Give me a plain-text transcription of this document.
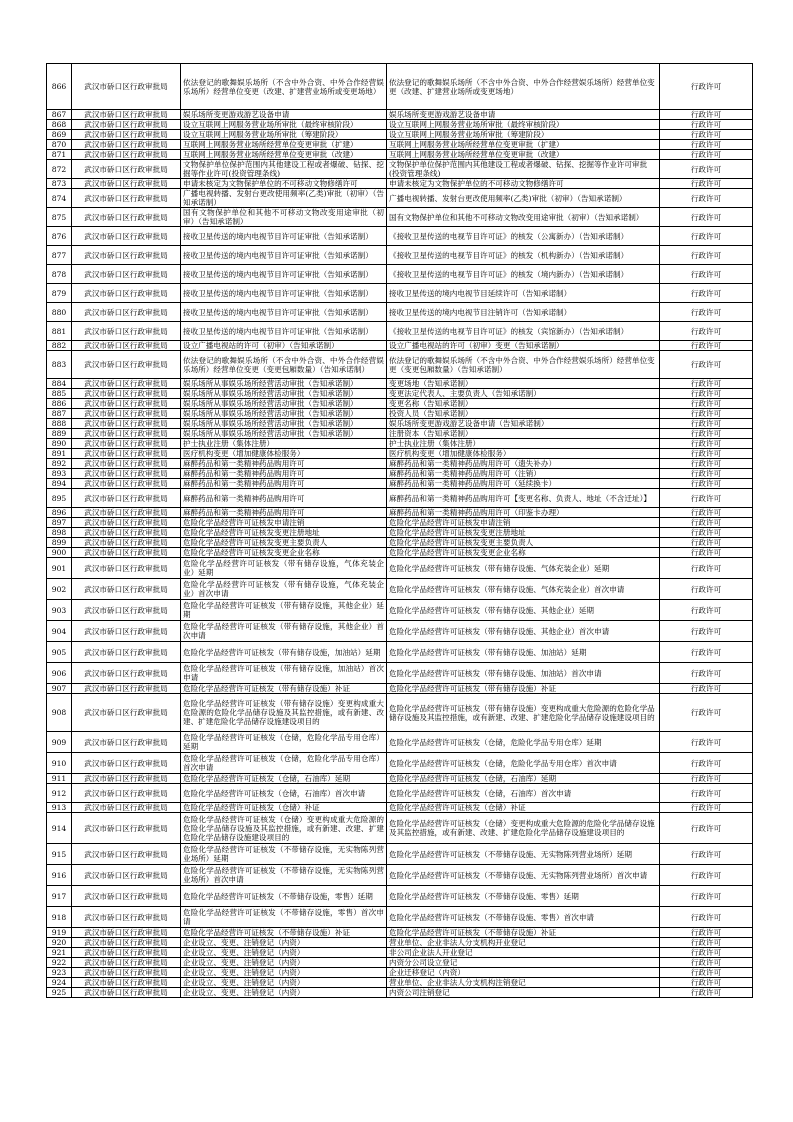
866	武汉市硚口区行政审批局	依法登记的歌舞娱乐场所（不含中外合资、中外合作经营娱乐场所）经营单位变更（改建、扩建营业场所或变更场地）	依法登记的歌舞娱乐场所（不含中外合资、中外合作经营娱乐场所）经营单位变更（改建、扩建营业场所或变更场地）	行政许可
867	武汉市硚口区行政审批局	娱乐场所变更游戏游艺设备申请	娱乐场所变更游戏游艺设备申请	行政许可
868	武汉市硚口区行政审批局	设立互联网上网服务营业场所审批（最终审核阶段）	设立互联网上网服务营业场所审批（最终审核阶段）	行政许可
869	武汉市硚口区行政审批局	设立互联网上网服务营业场所审批（筹建阶段）	设立互联网上网服务营业场所审批（筹建阶段）	行政许可
870	武汉市硚口区行政审批局	互联网上网服务营业场所经营单位变更审批（扩建）	互联网上网服务营业场所经营单位变更审批（扩建）	行政许可
871	武汉市硚口区行政审批局	互联网上网服务营业场所经营单位变更审批（改建）	互联网上网服务营业场所经营单位变更审批（改建）	行政许可
872	武汉市硚口区行政审批局	文物保护单位保护范围内其他建设工程或者爆破、钻探、挖掘等作业许可(投资管理条线)	文物保护单位保护范围内其他建设工程或者爆破、钻探、挖掘等作业许可审批(投资管理条线)	行政许可
873	武汉市硚口区行政审批局	申请未核定为文物保护单位的不可移动文物修缮许可	申请未核定为文物保护单位的不可移动文物修缮许可	行政许可
874	武汉市硚口区行政审批局	广播电视转播、发射台更改使用频率(乙类)审批（初审）（告知承诺制）	广播电视转播、发射台更改使用频率(乙类)审批（初审）（告知承诺制）	行政许可
875	武汉市硚口区行政审批局	国有文物保护单位和其他不可移动文物改变用途审批（初审）（告知承诺制）	国有文物保护单位和其他不可移动文物改变用途审批（初审）（告知承诺制）	行政许可
876	武汉市硚口区行政审批局	接收卫星传送的境内电视节目许可证审批（告知承诺制）	《接收卫星传送的电视节目许可证》的核发（公寓新办）（告知承诺制）	行政许可
877	武汉市硚口区行政审批局	接收卫星传送的境内电视节目许可证审批（告知承诺制）	《接收卫星传送的电视节目许可证》的核发（机构新办）（告知承诺制）	行政许可
878	武汉市硚口区行政审批局	接收卫星传送的境内电视节目许可证审批（告知承诺制）	《接收卫星传送的电视节目许可证》的核发（境内新办）（告知承诺制）	行政许可
879	武汉市硚口区行政审批局	接收卫星传送的境内电视节目许可证审批（告知承诺制）	接收卫星传送的境内电视节目延续许可（告知承诺制）	行政许可
880	武汉市硚口区行政审批局	接收卫星传送的境内电视节目许可证审批（告知承诺制）	接收卫星传送的境内电视节目注销许可（告知承诺制）	行政许可
881	武汉市硚口区行政审批局	接收卫星传送的境内电视节目许可证审批（告知承诺制）	《接收卫星传送的电视节目许可证》的核发（宾馆新办）（告知承诺制）	行政许可
882	武汉市硚口区行政审批局	设立广播电视站的许可（初审）（告知承诺制）	设立广播电视站的许可（初审）变更（告知承诺制）	行政许可
883	武汉市硚口区行政审批局	依法登记的歌舞娱乐场所（不含中外合资、中外合作经营娱乐场所）经营单位变更（变更包厢数量）（告知承诺制）	依法登记的歌舞娱乐场所（不含中外合资、中外合作经营娱乐场所）经营单位变更（变更包厢数量）（告知承诺制）	行政许可
884	武汉市硚口区行政审批局	娱乐场所从事娱乐场所经营活动审批（告知承诺制）	变更场地（告知承诺制）	行政许可
885	武汉市硚口区行政审批局	娱乐场所从事娱乐场所经营活动审批（告知承诺制）	变更法定代表人、主要负责人（告知承诺制）	行政许可
886	武汉市硚口区行政审批局	娱乐场所从事娱乐场所经营活动审批（告知承诺制）	变更名称（告知承诺制）	行政许可
887	武汉市硚口区行政审批局	娱乐场所从事娱乐场所经营活动审批（告知承诺制）	投资人员（告知承诺制）	行政许可
888	武汉市硚口区行政审批局	娱乐场所从事娱乐场所经营活动审批（告知承诺制）	娱乐场所变更游戏游艺设备申请（告知承诺制）	行政许可
889	武汉市硚口区行政审批局	娱乐场所从事娱乐场所经营活动审批（告知承诺制）	注册资本（告知承诺制）	行政许可
890	武汉市硚口区行政审批局	护士执业注册（集体注册）	护士执业注册（集体注册）	行政许可
891	武汉市硚口区行政审批局	医疗机构变更（增加健康体检服务）	医疗机构变更（增加健康体检服务）	行政许可
892	武汉市硚口区行政审批局	麻醉药品和第一类精神药品购用许可	麻醉药品和第一类精神药品购用许可（遗失补办）	行政许可
893	武汉市硚口区行政审批局	麻醉药品和第一类精神药品购用许可	麻醉药品和第一类精神药品购用许可（注销）	行政许可
894	武汉市硚口区行政审批局	麻醉药品和第一类精神药品购用许可	麻醉药品和第一类精神药品购用许可（延续换卡）	行政许可
895	武汉市硚口区行政审批局	麻醉药品和第一类精神药品购用许可	麻醉药品和第一类精神药品购用许可【变更名称、负责人、地址（不含迁址）】	行政许可
896	武汉市硚口区行政审批局	麻醉药品和第一类精神药品购用许可	麻醉药品和第一类精神药品购用许可（印鉴卡办理）	行政许可
897	武汉市硚口区行政审批局	危险化学品经营许可证核发申请注销	危险化学品经营许可证核发申请注销	行政许可
898	武汉市硚口区行政审批局	危险化学品经营许可证核发变更注册地址	危险化学品经营许可证核发变更注册地址	行政许可
899	武汉市硚口区行政审批局	危险化学品经营许可证核发变更主要负责人	危险化学品经营许可证核发变更主要负责人	行政许可
900	武汉市硚口区行政审批局	危险化学品经营许可证核发变更企业名称	危险化学品经营许可证核发变更企业名称	行政许可
901	武汉市硚口区行政审批局	危险化学品经营许可证核发（带有储存设施，气体充装企业）延期	危险化学品经营许可证核发（带有储存设施、气体充装企业）延期	行政许可
902	武汉市硚口区行政审批局	危险化学品经营许可证核发（带有储存设施，气体充装企业）首次申请	危险化学品经营许可证核发（带有储存设施、气体充装企业）首次申请	行政许可
903	武汉市硚口区行政审批局	危险化学品经营许可证核发（带有储存设施，其他企业）延期	危险化学品经营许可证核发（带有储存设施、其他企业）延期	行政许可
904	武汉市硚口区行政审批局	危险化学品经营许可证核发（带有储存设施，其他企业）首次申请	危险化学品经营许可证核发（带有储存设施、其他企业）首次申请	行政许可
905	武汉市硚口区行政审批局	危险化学品经营许可证核发（带有储存设施，加油站）延期	危险化学品经营许可证核发（带有储存设施、加油站）延期	行政许可
906	武汉市硚口区行政审批局	危险化学品经营许可证核发（带有储存设施，加油站）首次申请	危险化学品经营许可证核发（带有储存设施、加油站）首次申请	行政许可
907	武汉市硚口区行政审批局	危险化学品经营许可证核发（带有储存设施）补证	危险化学品经营许可证核发（带有储存设施）补证	行政许可
908	武汉市硚口区行政审批局	危险化学品经营许可证核发（带有储存设施）变更构成重大危险源的危险化学品储存设施及其监控措施，或有新建、改建、扩建危险化学品储存设施建设项目的	危险化学品经营许可证核发（带有储存设施）变更构成重大危险源的危险化学品储存设施及其监控措施，或有新建、改建、扩建危险化学品储存设施建设项目的	行政许可
909	武汉市硚口区行政审批局	危险化学品经营许可证核发（仓储，危险化学品专用仓库）延期	危险化学品经营许可证核发（仓储，危险化学品专用仓库）延期	行政许可
910	武汉市硚口区行政审批局	危险化学品经营许可证核发（仓储，危险化学品专用仓库）首次申请	危险化学品经营许可证核发（仓储，危险化学品专用仓库）首次申请	行政许可
911	武汉市硚口区行政审批局	危险化学品经营许可证核发（仓储，石油库）延期	危险化学品经营许可证核发（仓储，石油库）延期	行政许可
912	武汉市硚口区行政审批局	危险化学品经营许可证核发（仓储，石油库）首次申请	危险化学品经营许可证核发（仓储，石油库）首次申请	行政许可
913	武汉市硚口区行政审批局	危险化学品经营许可证核发（仓储）补证	危险化学品经营许可证核发（仓储）补证	行政许可
914	武汉市硚口区行政审批局	危险化学品经营许可证核发（仓储）变更构成重大危险源的危险化学品储存设施及其监控措施，或有新建、改建、扩建危险化学品储存设施建设项目的	危险化学品经营许可证核发（仓储）变更构成重大危险源的危险化学品储存设施及其监控措施，或有新建、改建、扩建危险化学品储存设施建设项目的	行政许可
915	武汉市硚口区行政审批局	危险化学品经营许可证核发（不带储存设施，无实物陈列营业场所）延期	危险化学品经营许可证核发（不带储存设施、无实物陈列营业场所）延期	行政许可
916	武汉市硚口区行政审批局	危险化学品经营许可证核发（不带储存设施，无实物陈列营业场所）首次申请	危险化学品经营许可证核发（不带储存设施、无实物陈列营业场所）首次申请	行政许可
917	武汉市硚口区行政审批局	危险化学品经营许可证核发（不带储存设施，零售）延期	危险化学品经营许可证核发（不带储存设施、零售）延期	行政许可
918	武汉市硚口区行政审批局	危险化学品经营许可证核发（不带储存设施，零售）首次申请	危险化学品经营许可证核发（不带储存设施、零售）首次申请	行政许可
919	武汉市硚口区行政审批局	危险化学品经营许可证核发（不带储存设施）补证	危险化学品经营许可证核发（不带储存设施）补证	行政许可
920	武汉市硚口区行政审批局	企业设立、变更、注销登记（内资）	营业单位、企业非法人分支机构开业登记	行政许可
921	武汉市硚口区行政审批局	企业设立、变更、注销登记（内资）	非公司企业法人开业登记	行政许可
922	武汉市硚口区行政审批局	企业设立、变更、注销登记（内资）	内资分公司设立登记	行政许可
923	武汉市硚口区行政审批局	企业设立、变更、注销登记（内资）	企业迁移登记（内资）	行政许可
924	武汉市硚口区行政审批局	企业设立、变更、注销登记（内资）	营业单位、企业非法人分支机构注销登记	行政许可
925	武汉市硚口区行政审批局	企业设立、变更、注销登记（内资）	内资公司注销登记	行政许可
